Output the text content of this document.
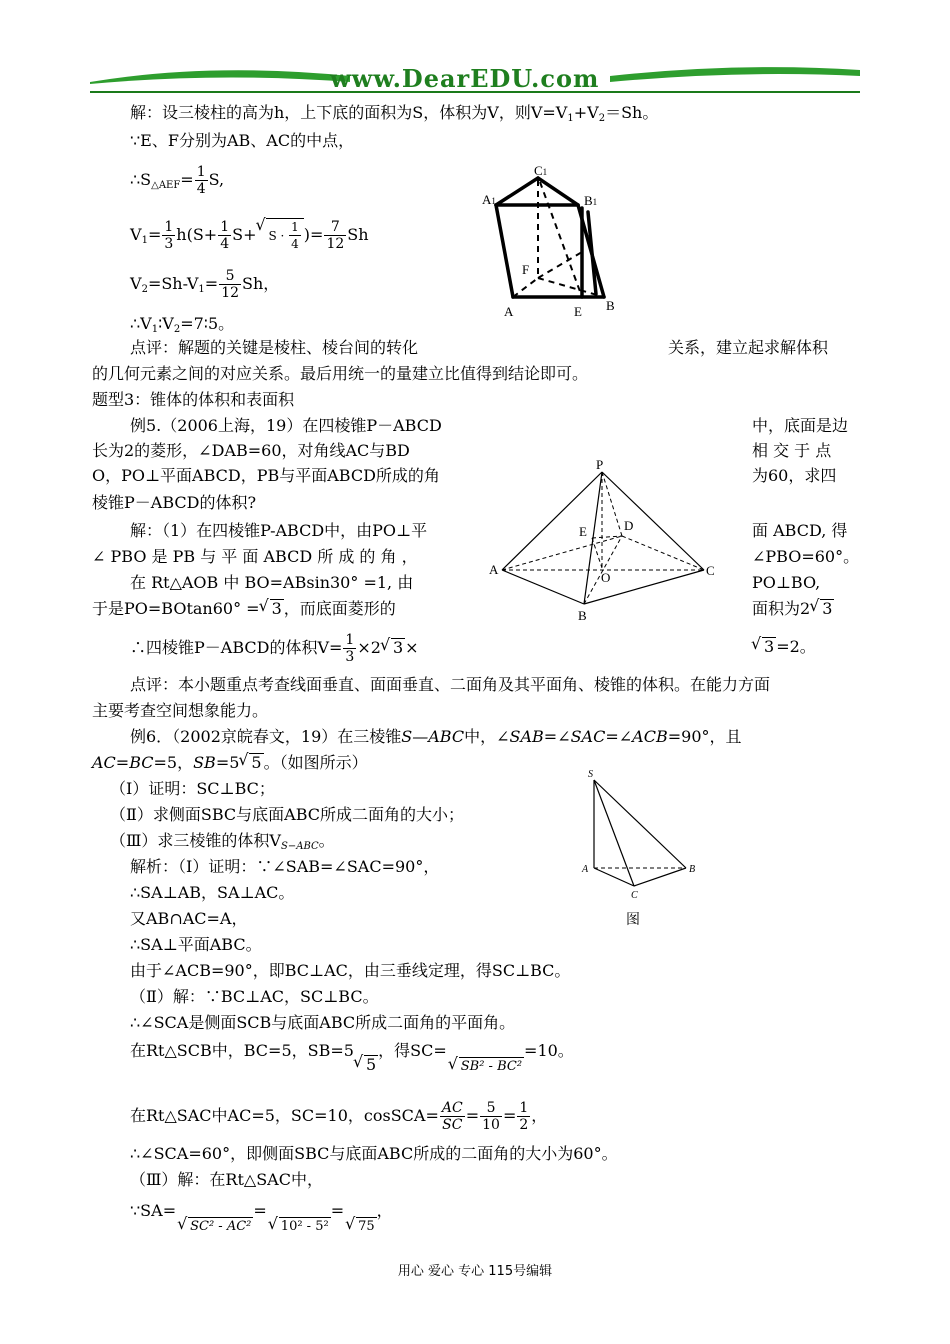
www.DearEDU.com
解：设三棱柱的高为h，上下底的面积为S，体积为V，则$V=V_1+V_2=Sh$。
∵E、F分别为AB、AC的中点，
$\therefore S_{\triangle AEF}= \frac{1}{4} S$,
$V_1= \frac{1}{3} h(S+ \frac{1}{4} S+√$ $S \cdot \frac{1}{4}$ )= $\frac{7}{12}$ Sh
$V_2=Sh-V_1= \frac{5}{12}$ Sh，
$\therefore V_1∶V_2=7∶5$。
C1
A1	B1
F
A	E B
点评：解题的关键是棱柱、棱台间的转化	关系，建立起求解体积
的几何元素之间的对应关系。最后用统一的量建立比值得到结论即可。
题型3：锥体的体积和表面积
例5.（2006上海，19）在四棱锥P－ABCD	中，底面是边
长为2的菱形，∠DAB=60，对角线AC与BD	相 交 于 点
O，PO⊥平面ABCD，PB与平面ABCD所成的角	为60，求四
棱锥P－ABCD的体积?
解：（1）在四棱锥P-ABCD中，由PO⊥平	面 ABCD, 得
∠ PBO 是 PB 与 平 面 ABCD 所 成 的 角 ，	∠PBO=60°。
在 Rt△AOB 中 BO=ABsin30° =1, 由	PO⊥BO,
于是PO=BOtan60° =√ 3 ，而底面菱形的	面积为2√ 3
∴四棱锥P－ABCD的体积$V= \frac{1}{3} \times 2√$ 3 ×
√	3 =2。
P
E	D
A
O	C
B
点评：本小题重点考查线面垂直、面面垂直、二面角及其平面角、棱锥的体积。在能力方面
主要考查空间想象能力。
例6．（2002京皖春文，19）在三棱锥S—ABC中，∠SAB=∠SAC=∠ACB=90°，且
AC=BC=5，SB=5√ 5 。（如图所示）
（Ⅰ）证明：SC⊥BC；
（Ⅱ）求侧面SBC与底面ABC所成二面角的大小；
（Ⅲ）求三棱锥的体积$V_{S-ABC}$。
S
A	B
C
图
解析：（Ⅰ）证明：∵∠SAB=∠SAC=90°，
∴SA⊥AB，SA⊥AC。
又AB∩AC=A，
∴SA⊥平面ABC。
由于∠ACB=90°，即BC⊥AC，由三垂线定理，得SC⊥BC。
（Ⅱ）解：∵BC⊥AC，SC⊥BC。
∴∠SCA是侧面SCB与底面ABC所成二面角的平面角。
在Rt△SCB中，BC=5，SB=5√ 5，得SC=√ SB² - BC²=10。
在Rt△SAC中AC=5，SC=10，cosSCA= $\frac{AC}{SC} = \frac{5}{10} = \frac{1}{2}$ ，
∴∠SCA=60°，即侧面SBC与底面ABC所成的二面角的大小为60°。
（Ⅲ）解：在Rt△SAC中，
∵SA=√ SC² - AC²=√ 10² - 5²=√ 75，
用心 爱心 专心 115号编辑
